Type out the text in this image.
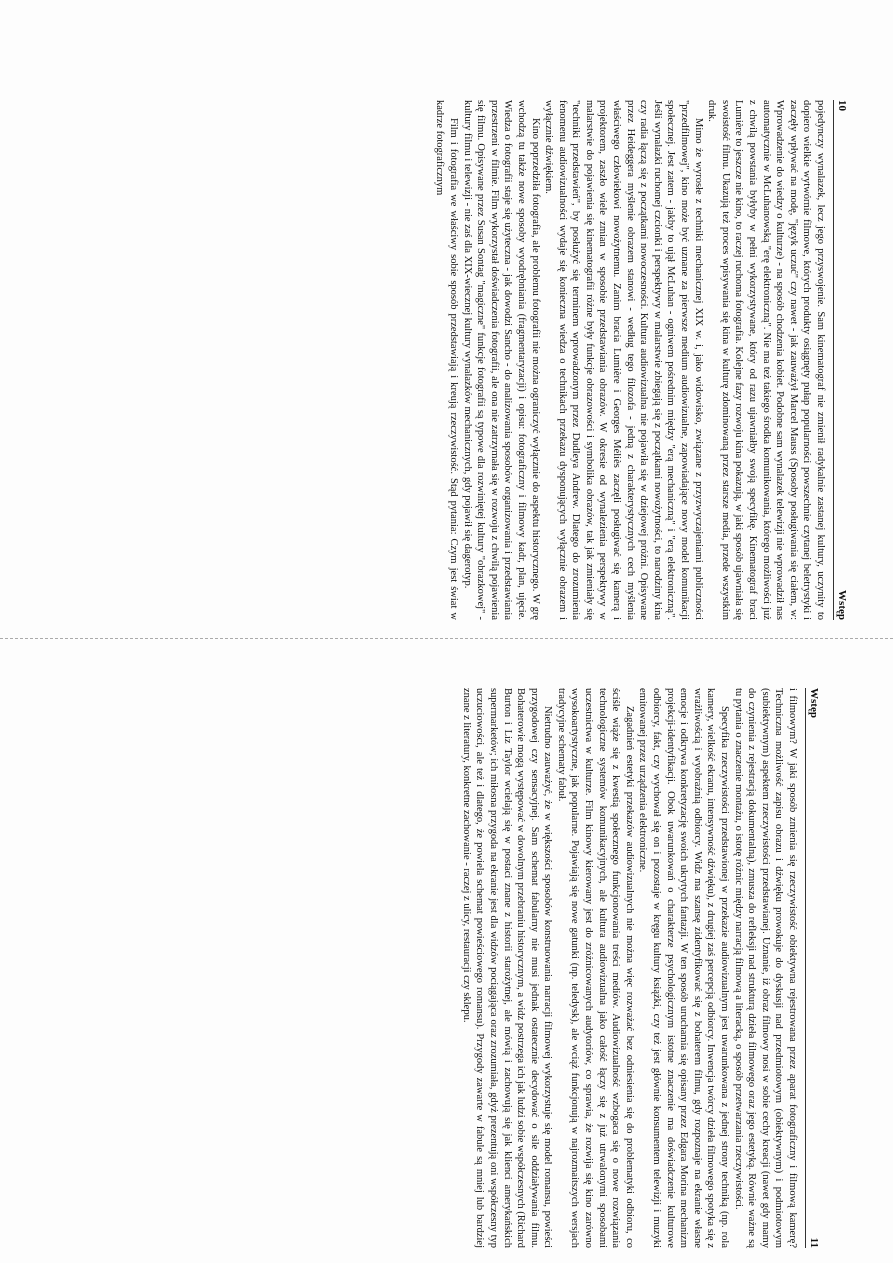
10
Wstęp

pojedynczy wynalazek, lecz jego przyswojenie. Sam kinematograf nie zmienił radykalnie zastanej kultury, uczynity to dopiero wielkie wytwórnie filmowe, których produkty osiągnęty pułap popularności powszechnie czytanej beletrystyki i zaczęły wpływać na modę, "język uczuć" czy nawet - jak zauważył Marcel Mauss (Sposoby posługiwania się ciałem, w: Wprowadzenie do wiedzy o kulturze) - na sposób chodzenia kobiet. Podobne sam wynalazek telewizji nie wprowadził nas automatycznie w McLuhanowską "erę elektroniczną". Nie ma też takiego środka komunikowania, którego możliwości już z chwilą powstania byłyby w pełni wykorzystywane, który od razu ujawniałby swoją specyfikę. Kinematograf braci Lumière to jeszcze nie kino, to raczej ruchoma fotografia. Kolejne fazy rozwoju kina pokazują, w jaki sposób ujawniała się swoistość filmu. Ukazują też proces wpisywania się kina w kulturę zdominowaną przez starsze media, przede wszystkim druk.

Mimo że wyrosłe z techniki mechanicznej XIX w. i, jako widowisko, związane z przyzwyczajeniami publiczności "przedfilmowej", kino może być uznane za pierwsze medium audiowizualne, zapowiadające nowy model komunikacji społecznej. Jest zatem - jakby to ujął McLuhan - ogniwem pośrednim między "erą mechaniczną" i "erą elektroniczną". Jeśli wynalazki ruchomej czcionki i perspektywy w malarstwie zbiegają się z początkami nowożytności, to narodziny kina czy radia łączą się z początkami nowoczesności. Kultura audiowizualna nie pojawiła się w dziejowej próżni. Opisywane przez Heideggera myślenie obrazem stanowi - według tego filozofa - jedną z charakterystycznych cech myślenia właściwego człowiekowi nowożytnemu. Zanim bracia Lumière i Georges Méliès zaczęli posługiwać się kamerą i projektorem, zaszło wiele zmian w sposobie przedstawiania obrazów. W okresie od wynalezienia perspektywy w malarstwie do pojawienia się kinematografii różne były funkcje obrazowości i symbolika obrazów, tak jak zmieniały się "techniki przedstawień", by posłużyć się terminem wprowadzonym przez Dudleya Andrew. Dlatego do zrozumienia fenomenu audiowizualności wydaje się konieczna wiedza o technikach przekazu dysponujących wyłącznie obrazem i wyłącznie dźwiękiem.

Kino poprzedziła fotografia, ale problemu fotografii nie można ograniczyć wyłącznie do aspektu historycznego. W grę wchodzą tu także nowe sposoby wyodrębniania (fragmentaryzacji) i opisu: fotograficzny i filmowy kadr, plan, ujęcie. Wiedza o fotografii staje się użyteczna - jak dowodzi Sancho - do analizowania sposobów organizowania i przedstawiania przestrzeni w filmie. Film wykorzystał doświadczenia fotografii, ale ona nie zatrzymała się w rozwoju z chwilą pojawienia się filmu. Opisywane przez Susan Sontag "magiczne" funkcje fotografii są typowe dla rozwiniętej kultury "obrazkowej" - kultury filmu i telewizji - nie zaś dla XIX-wiecznej kultury wynalazków mechanicznych, gdy pojawił się dagerotyp.

Film i fotografia we właściwy sobie sposób przedstawiają i kreują rzeczywistość. Stąd pytania: Czym jest świat w kadrze fotograficznym

Wstęp
11

i filmowym? W jaki sposób zmienia się rzeczywistość obiektywna rejestrowana przez aparat fotograficzny i filmową kamerę? Techniczna możliwość zapisu obrazu i dźwięku prowokuje do dyskusji nad przedmiotowym (obiektywnym) i podmiotowym (subiektywnym) aspektem rzeczywistości przedstawianej. Uznanie, iż obraz filmowy nosi w sobie cechy kreacji (nawet gdy mamy do czynienia z rejestracją dokumentalną), zmusza do refleksji nad strukturą dzieła filmowego oraz jego estetyką. Równie ważne są tu pytania o znaczenie montażu, o istotę różnic między narracją filmową a literacką, o sposób przetwarzania rzeczywistości.

Specyfika rzeczywistości przedstawionej w przekazie audiowizualnym jest uwarunkowana z jednej strony techniką (np. rola kamery, wielkość ekranu, intensywność dźwięku), z drugiej zaś percepcją odbiorcy. Inwencja twórcy dzieła filmowego spotyka się z wrażliwością i wyobraźnią odbiorcy. Widz ma szansę zidentyfikować się z bohaterem filmu, gdy rozpoznaje na ekranie własne emocje i odkrywa konkretyzację swoich ukrytych fantazji. W ten sposób uruchamia się opisany przez Edgara Morina mechanizm projekcji-identyfikacji. Obok uwarunkowań o charakterze psychologicznym istotne znaczenie ma doświadczenie kulturowe odbiorcy, fakt, czy wychował się on i pozostaje w kręgu kultury książki, czy też jest głównie konsumentem telewizji i muzyki emitowanej przez urządzenia elektroniczne.

Zagadnień estetyki przekazów audiowizualnych nie można więc rozważać bez odniesienia się do problematyki odbioru, co ściśle wiąże się z kwestią społecznego funkcjonowania treści mediów. Audiowizualność wzbogaca się o nowe rozwiązania technologiczne systemów komunikacyjnych, ale kultura audiowizualna jako całość łączy się z już utrwalonymi sposobami uczestnictwa w kulturze. Film kinowy kierowany jest do zróżnicowanych audytoriów, co sprawia, że rozwija się kino zarówno wysokoartystyczne, jak popularne. Pojawiają się nowe gatunki (np. teledysk), ale wciąż funkcjonują w najrozmaitszych wersjach tradycyjne schematy fabuł.

Nietrudno zauważyć, że w większości sposobów konstruowania narracji filmowej wykorzystuje się model romansu, powieści przygodowej czy sensacyjnej. Sam schemat fabularny nie musi jednak ostatecznie decydować o sile oddziaływania filmu. Bohaterowie mogą występować w dowolnym przebraniu historycznym, a widz postrzega ich jak ludzi sobie współczesnych (Richard Burton i Liz Taylor wcielają się w postaci znane z historii starożytnej, ale mówią i zachowują się jak klienci amerykańskich supermarketów; ich miłosna przygoda na ekranie jest dla widzów pociągająca oraz zrozumiała, gdyż prezentują oni współczesny typ uczuciowości, ale też i dlatego, że powiela schemat powieściowego romansu). Przygody zawarte w fabule są mniej lub bardziej znane z literatury, konkretne zachowanie - raczej z ulicy, restauracji czy sklepu.
